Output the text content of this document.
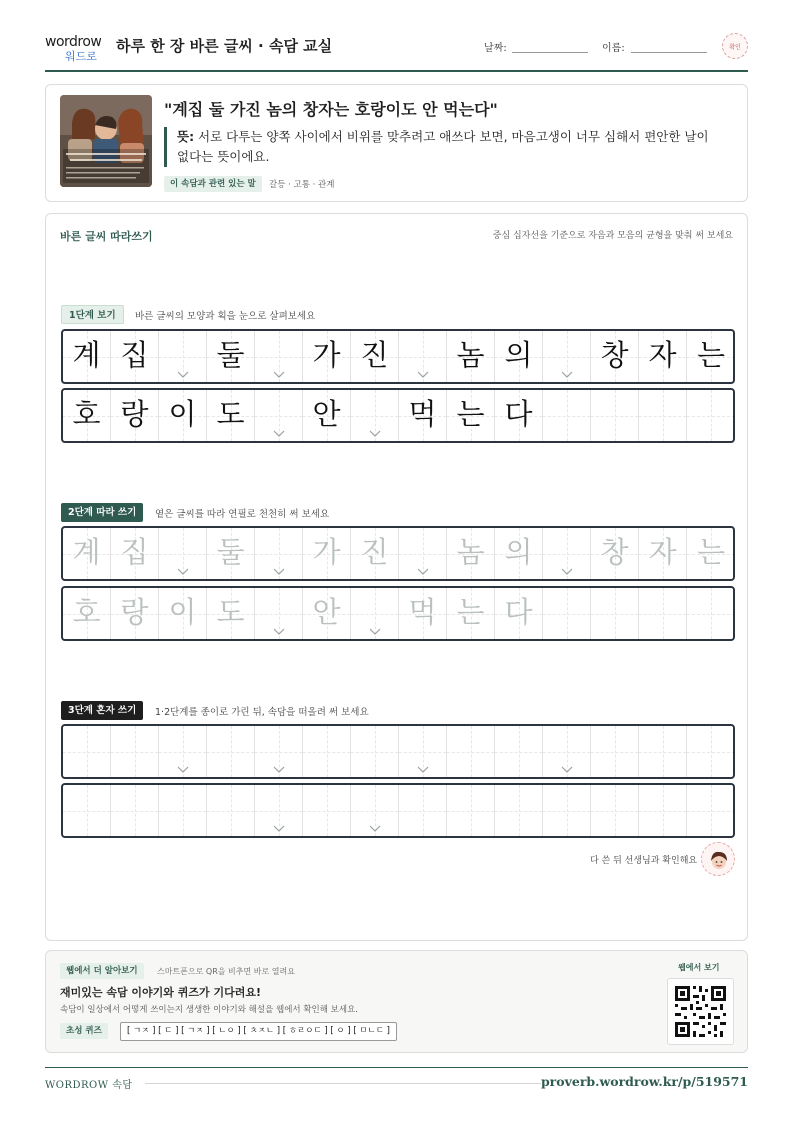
wordrow
워드로
하루 한 장 바른 글씨 · 속담 교실	날짜:	이름:	확인
"계집 둘 가진 놈의 창자는 호랑이도 안 먹는다"
뜻: 서로 다투는 양쪽 사이에서 비위를 맞추려고 애쓰다 보면, 마음고생이 너무 심해서 편안한 날이 없다는 뜻이에요.
이 속담과 관련 있는 말	갈등 · 고통 · 관계
바른 글씨 따라쓰기	중심 십자선을 기준으로 자음과 모음의 균형을 맞춰 써 보세요
1단계 보기	바른 글씨의 모양과 획을 눈으로 살펴보세요
계 집	둘	가 진	놈 의	창 자 는
호 랑 이 도	안	먹 는 다
2단계 따라 쓰기	옅은 글씨를 따라 연필로 천천히 써 보세요
계 집	둘	가 진	놈 의	창 자 는
호 랑 이 도	안	먹 는 다
3단계 혼자 쓰기	1·2단계를 종이로 가린 뒤, 속담을 떠올려 써 보세요
다 쓴 뒤 선생님과 확인해요
웹에서 더 알아보기	스마트폰으로 QR을 비추면 바로 열려요
재미있는 속담 이야기와 퀴즈가 기다려요!
속담이 일상에서 어떻게 쓰이는지 생생한 이야기와 해설을 웹에서 확인해 보세요.
초성 퀴즈	[ ㄱㅈ ] [ ㄷ ] [ ㄱㅈ ] [ ㄴㅇ ] [ ㅊㅈㄴ ] [ ㅎㄹㅇㄷ ] [ ㅇ ] [ ㅁㄴㄷ ]
웹에서 보기
WORDROW 속담	proverb.wordrow.kr/p/519571
